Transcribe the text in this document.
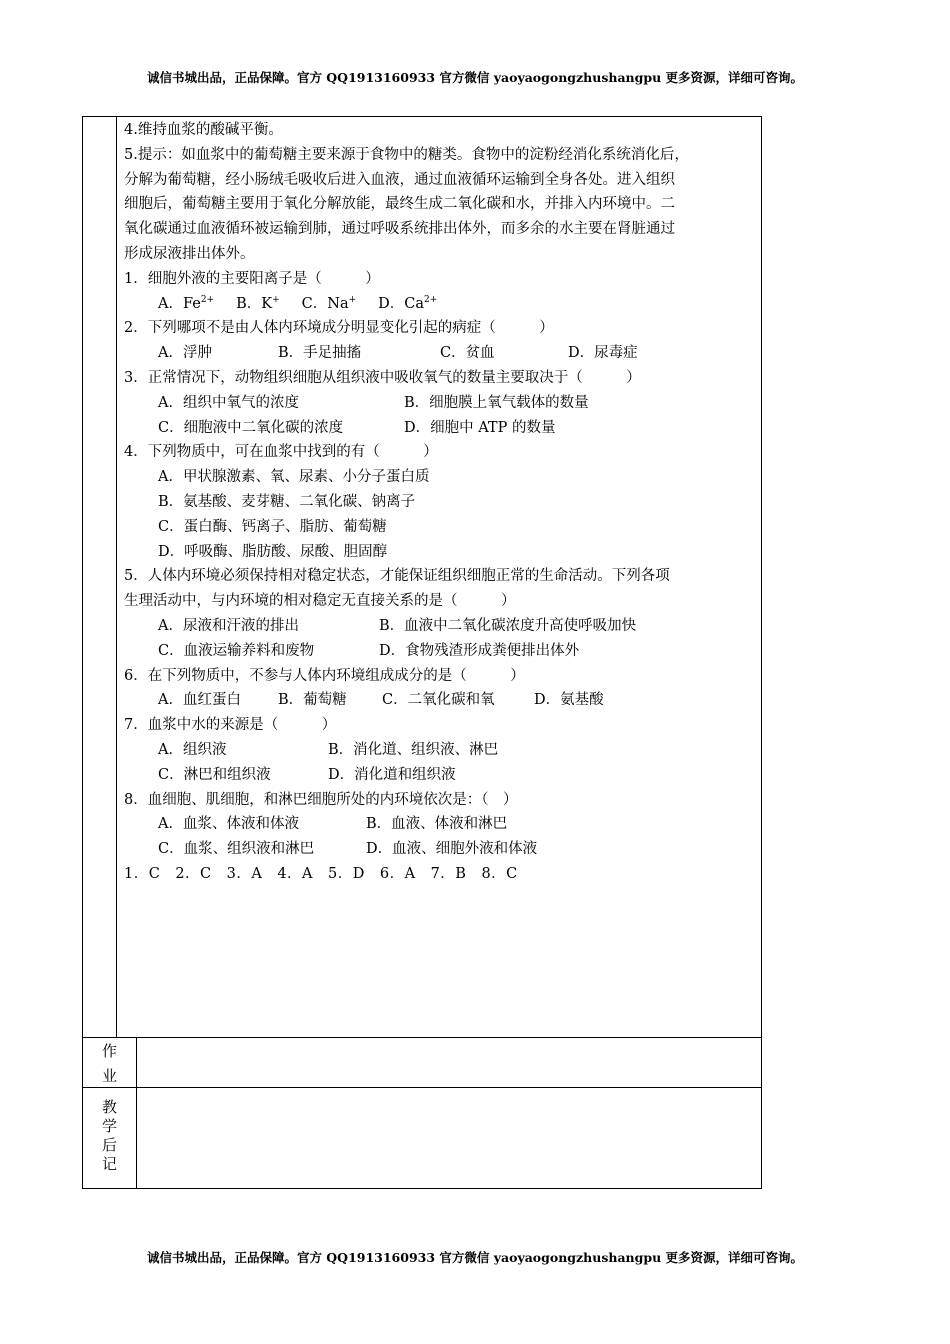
诚信书城出品，正品保障。官方 QQ1913160933 官方微信 yaoyaogongzhushangpu 更多资源，详细可咨询。
4.维持血浆的酸碱平衡。
5.提示：如血浆中的葡萄糖主要来源于食物中的糖类。食物中的淀粉经消化系统消化后，
分解为葡萄糖，经小肠绒毛吸收后进入血液，通过血液循环运输到全身各处。进入组织
细胞后，葡萄糖主要用于氧化分解放能，最终生成二氧化碳和水，并排入内环境中。二
氧化碳通过血液循环被运输到肺，通过呼吸系统排出体外，而多余的水主要在肾脏通过
形成尿液排出体外。
1．细胞外液的主要阳离子是（　　　）
A．$Fe^{2+}$ B．K+ C．Na+ D．$Ca^{2+}$
2．下列哪项不是由人体内环境成分明显变化引起的病症（　　　）
A．浮肿	B．手足抽搐	C．贫血	D．尿毒症
3．正常情况下，动物组织细胞从组织液中吸收氧气的数量主要取决于（　　　）
A．组织中氧气的浓度	B．细胞膜上氧气载体的数量
C．细胞液中二氧化碳的浓度	D．细胞中 ATP 的数量
4．下列物质中，可在血浆中找到的有（　　　）
A．甲状腺激素、氧、尿素、小分子蛋白质
B．氨基酸、麦芽糖、二氧化碳、钠离子
C．蛋白酶、钙离子、脂肪、葡萄糖
D．呼吸酶、脂肪酸、尿酸、胆固醇
5．人体内环境必须保持相对稳定状态，才能保证组织细胞正常的生命活动。下列各项
生理活动中，与内环境的相对稳定无直接关系的是（　　　）
A．尿液和汗液的排出	B．血液中二氧化碳浓度升高使呼吸加快
C．血液运输养料和废物	D．食物残渣形成粪便排出体外
6．在下列物质中，不参与人体内环境组成成分的是（　　　）
A．血红蛋白	B．葡萄糖 C．二氧化碳和氧	D．氨基酸
7．血浆中水的来源是（　　　）
A．组织液	B．消化道、组织液、淋巴
C．淋巴和组织液	D．消化道和组织液
8．血细胞、肌细胞，和淋巴细胞所处的内环境依次是：（　）
A．血浆、体液和体液	B．血液、体液和淋巴
C．血浆、组织液和淋巴	D．血液、细胞外液和体液
1．C　2．C　3．A　4．A　5．D　6．A　7．B　8．C
作
业
教
学
后
记
诚信书城出品，正品保障。官方 QQ1913160933 官方微信 yaoyaogongzhushangpu 更多资源，详细可咨询。
